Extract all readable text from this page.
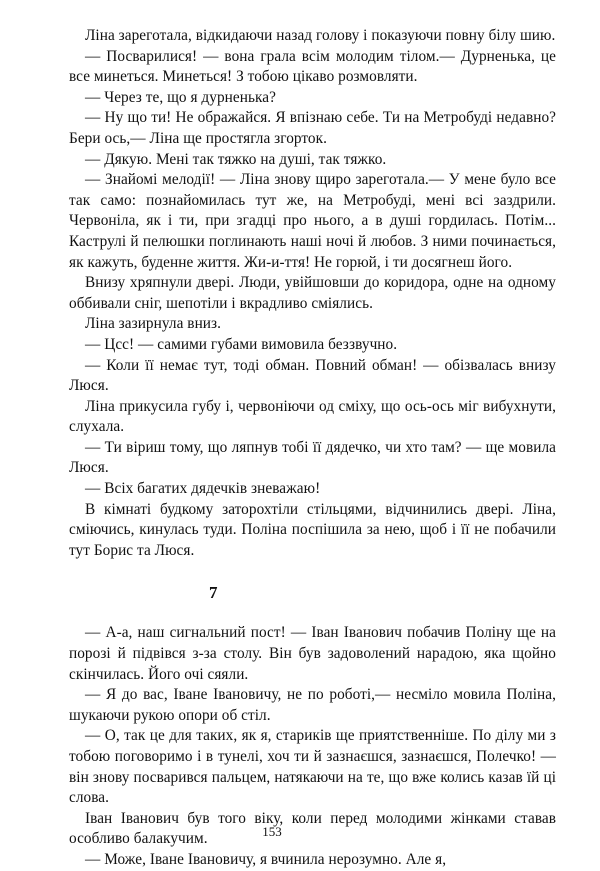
Ліна зареготала, відкидаючи назад голову і показуючи повну білу шию.

— Посварилися! — вона грала всім молодим тілом.— Дурненька, це все минеться. Минеться! З тобою цікаво розмовляти.

— Через те, що я дурненька?

— Ну що ти! Не ображайся. Я впізнаю себе. Ти на Метробуді недавно? Бери ось,— Ліна ще простягла згорток.

— Дякую. Мені так тяжко на душі, так тяжко.

— Знайомі мелодії! — Ліна знову щиро зареготала.— У мене було все так само: познайомилась тут же, на Метробуді, мені всі заздрили. Червоніла, як і ти, при згадці про нього, а в душі гордилась. Потім... Каструлі й пелюшки поглинають наші ночі й любов. З ними починається, як кажуть, буденне життя. Жи-и-ття! Не горюй, і ти досягнеш його.

Внизу хряпнули двері. Люди, увійшовши до коридора, одне на одному оббивали сніг, шепотіли і вкрадливо сміялись.

Ліна зазирнула вниз.

— Цсс! — самими губами вимовила беззвучно.

— Коли її немає тут, тоді обман. Повний обман! — обізвалась внизу Люся.

Ліна прикусила губу і, червоніючи од сміху, що ось-ось міг вибухнути, слухала.

— Ти віриш тому, що ляпнув тобі її дядечко, чи хто там? — ще мовила Люся.

— Всіх багатих дядечків зневажаю!

В кімнаті будкому заторохтіли стільцями, відчинились двері. Ліна, сміючись, кинулась туди. Поліна поспішила за нею, щоб і її не побачили тут Борис та Люся.

7

— А-а, наш сигнальний пост! — Іван Іванович побачив Поліну ще на порозі й підвівся з-за столу. Він був задоволений нарадою, яка щойно скінчилась. Його очі сяяли.

— Я до вас, Іване Івановичу, не по роботі,— несміло мовила Поліна, шукаючи рукою опори об стіл.

— О, так це для таких, як я, стариків ще приятственніше. По ділу ми з тобою поговоримо і в тунелі, хоч ти й зазнаєшся, зазнаєшся, Полечко! — він знову посварився пальцем, натякаючи на те, що вже колись казав їй ці слова.

Іван Іванович був того віку, коли перед молодими жінками ставав особливо балакучим.

— Може, Іване Івановичу, я вчинила нерозумно. Але я,

153
